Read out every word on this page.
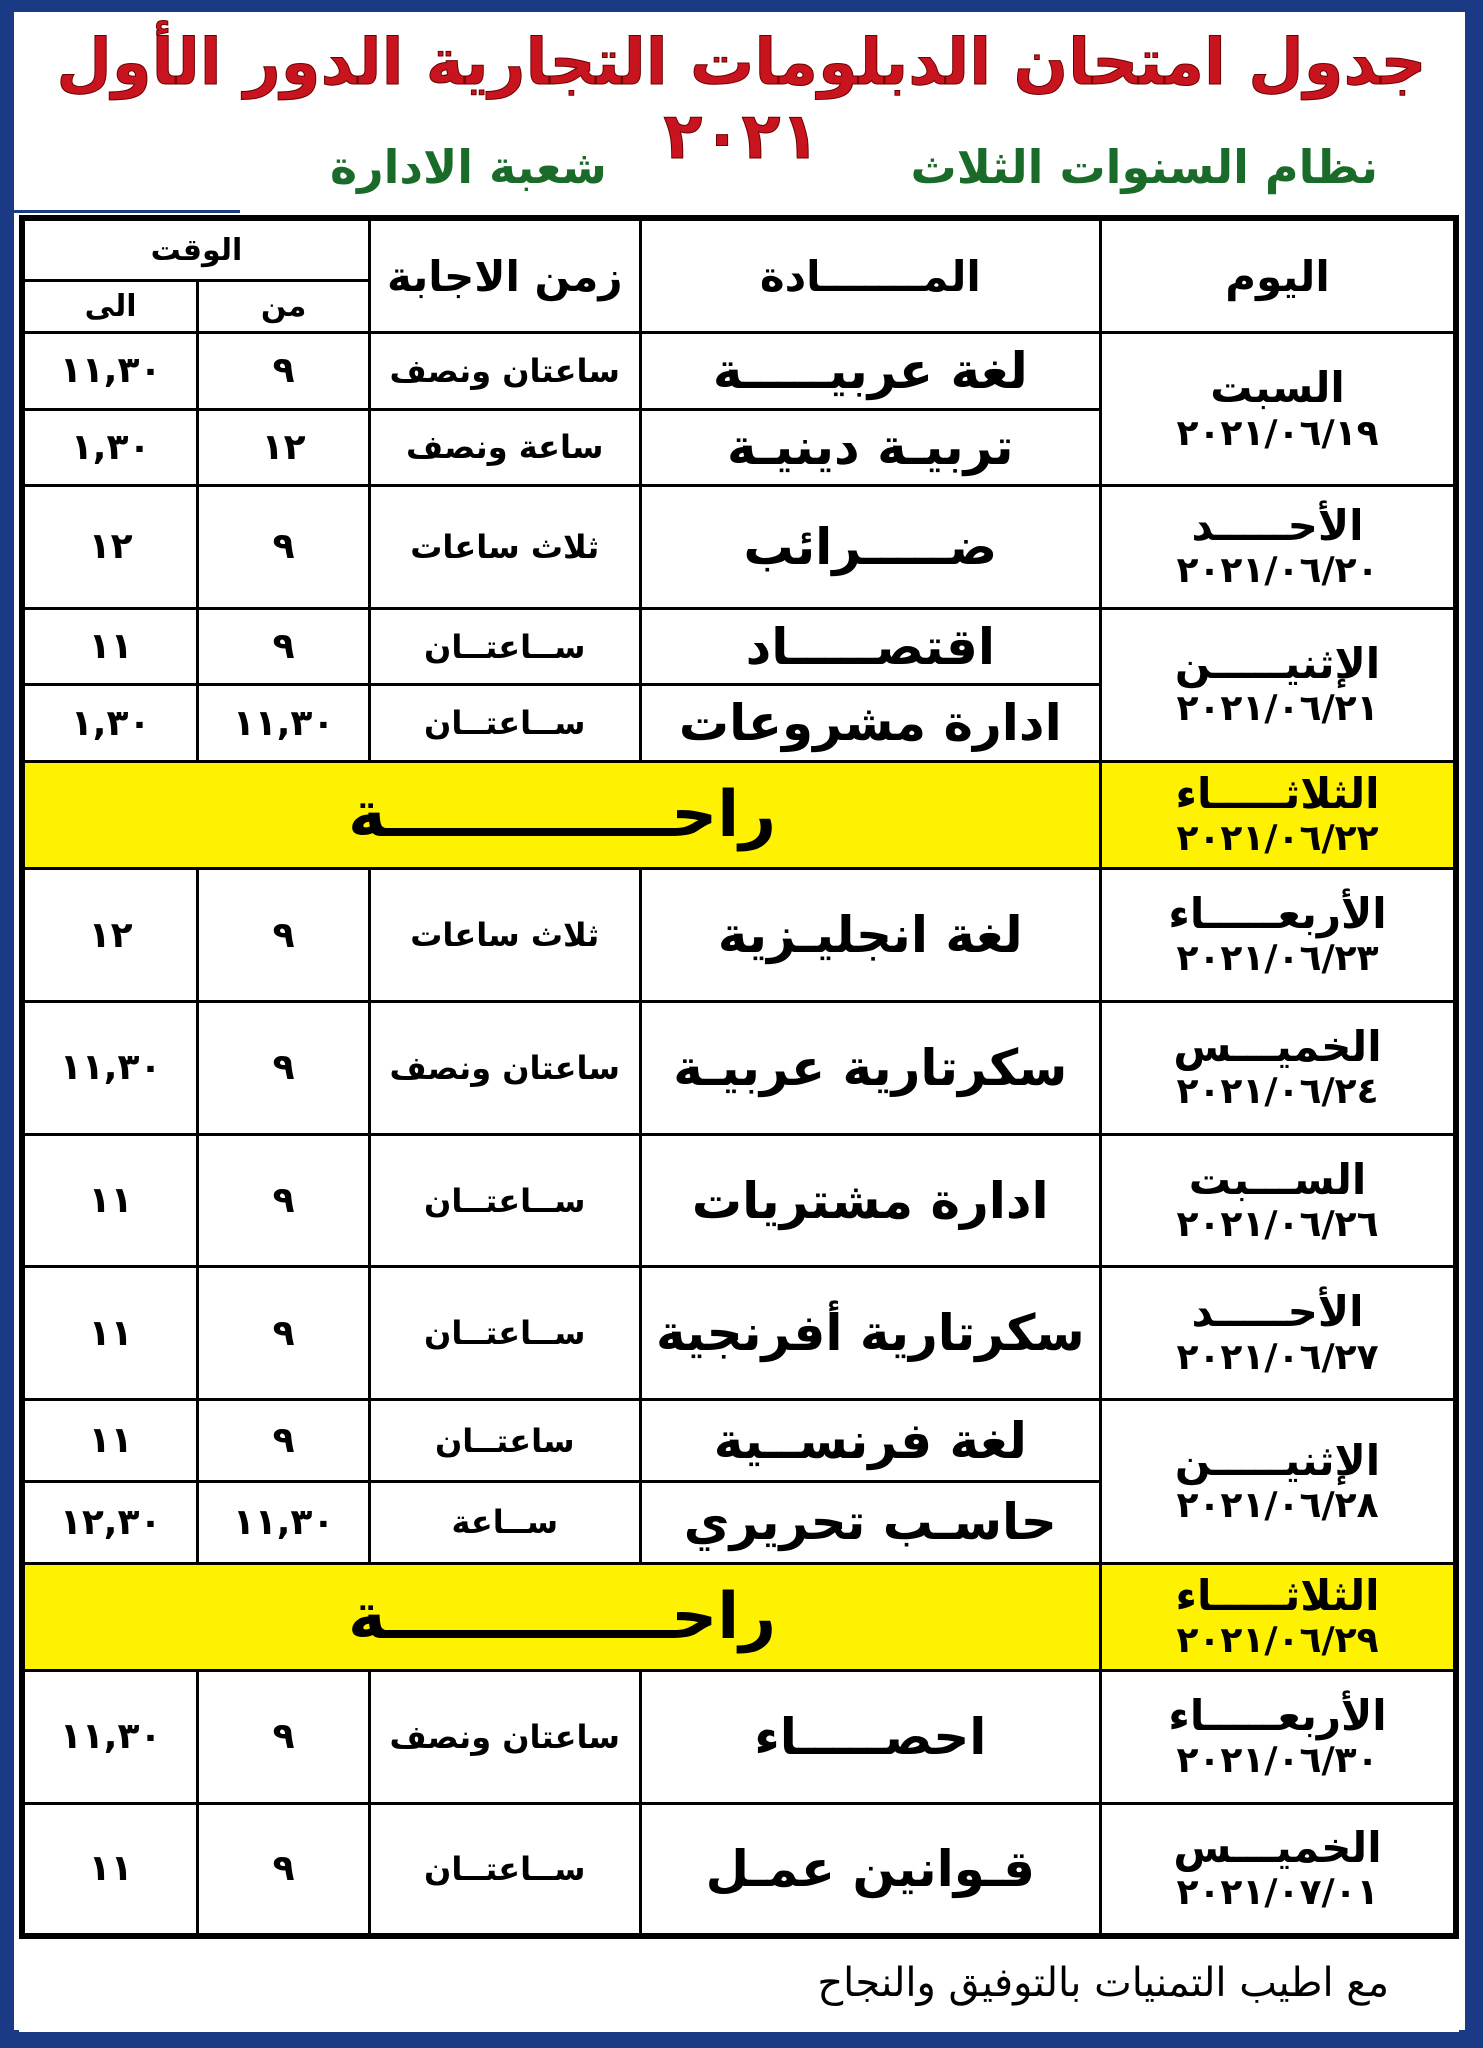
جدول امتحان الدبلومات التجارية الدور الأول ٢٠٢١	نظام السنوات الثلاث
شعبة الادارة
اليوم	المـــــــادة	زمن الاجابة	الوقت	
			من	الى

السبت
٢٠٢١/٠٦/١٩	لغة عربيـــــة	ساعتان ونصف	٩	١١,٣٠
	تربيـة دينيـة	ساعة ونصف	١٢	١,٣٠

الأحـــــد
٢٠٢١/٠٦/٢٠	ضـــــرائب	ثلاث ساعات	٩	١٢

الإثنيـــــن
٢٠٢١/٠٦/٢١	اقتصـــــاد	ســاعتــان	٩	١١
	ادارة مشروعات	ســاعتــان	١١,٣٠	١,٣٠

الثلاثـــــاء
٢٠٢١/٠٦/٢٢	راحـــــــــــــة			

الأربعـــــاء
٢٠٢١/٠٦/٢٣	لغة انجليـزية	ثلاث ساعات	٩	١٢

الخميـــس
٢٠٢١/٠٦/٢٤	سكرتارية عربيـة	ساعتان ونصف	٩	١١,٣٠

الســـبت
٢٠٢١/٠٦/٢٦	ادارة مشتريات	ســاعتــان	٩	١١

الأحـــــد
٢٠٢١/٠٦/٢٧	سكرتارية أفرنجية	ســاعتــان	٩	١١

الإثنيـــــن
٢٠٢١/٠٦/٢٨	لغة فرنســية	ساعتــان	٩	١١
	حاسـب تحريري	ســاعة	١١,٣٠	١٢,٣٠

الثلاثـــــاء
٢٠٢١/٠٦/٢٩	راحـــــــــــــة			

الأربعـــــاء
٢٠٢١/٠٦/٣٠	احصـــــاء	ساعتان ونصف	٩	١١,٣٠

الخميـــس
٢٠٢١/٠٧/٠١	قـوانين عمـل	ســاعتــان	٩	١١
مع اطيب التمنيات بالتوفيق والنجاح
